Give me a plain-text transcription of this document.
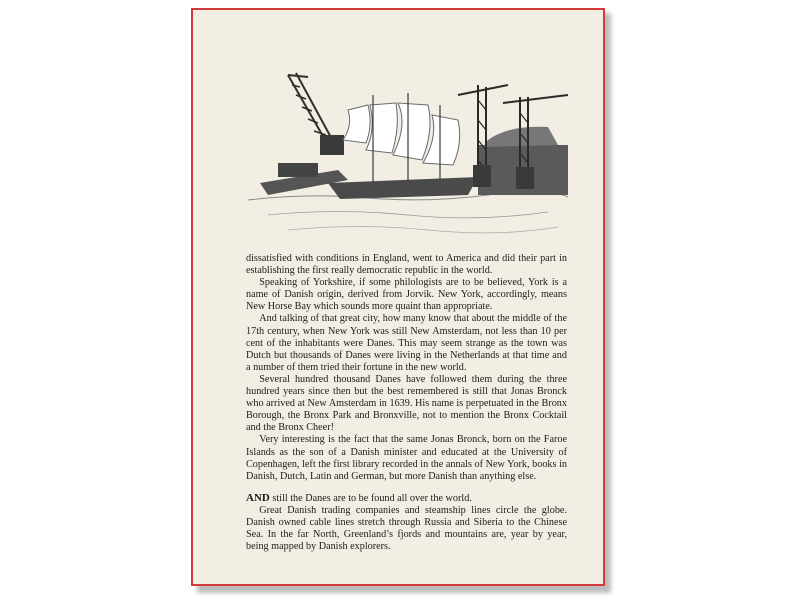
dissatisfied with conditions in England, went to America and did their part in establishing the first really democratic republic in the world.

Speaking of Yorkshire, if some philologists are to be believed, York is a name of Danish origin, derived from Jorvik. New York, accordingly, means New Horse Bay which sounds more quaint than appropriate.

And talking of that great city, how many know that about the middle of the 17th century, when New York was still New Amsterdam, not less than 10 per cent of the inhabitants were Danes. This may seem strange as the town was Dutch but thousands of Danes were living in the Netherlands at that time and a number of them tried their fortune in the new world.

Several hundred thousand Danes have followed them during the three hundred years since then but the best remembered is still that Jonas Bronck who arrived at New Amsterdam in 1639. His name is perpetuated in the Bronx Borough, the Bronx Park and Bronxville, not to mention the Bronx Cocktail and the Bronx Cheer!

Very interesting is the fact that the same Jonas Bronck, born on the Faroe Islands as the son of a Danish minister and educated at the University of Copenhagen, left the first library recorded in the annals of New York, books in Danish, Dutch, Latin and German, but more Danish than anything else.

AND still the Danes are to be found all over the world.

Great Danish trading companies and steamship lines circle the globe. Danish owned cable lines stretch through Russia and Siberia to the Chinese Sea. In the far North, Greenland’s fjords and mountains are, year by year, being mapped by Danish explorers.
